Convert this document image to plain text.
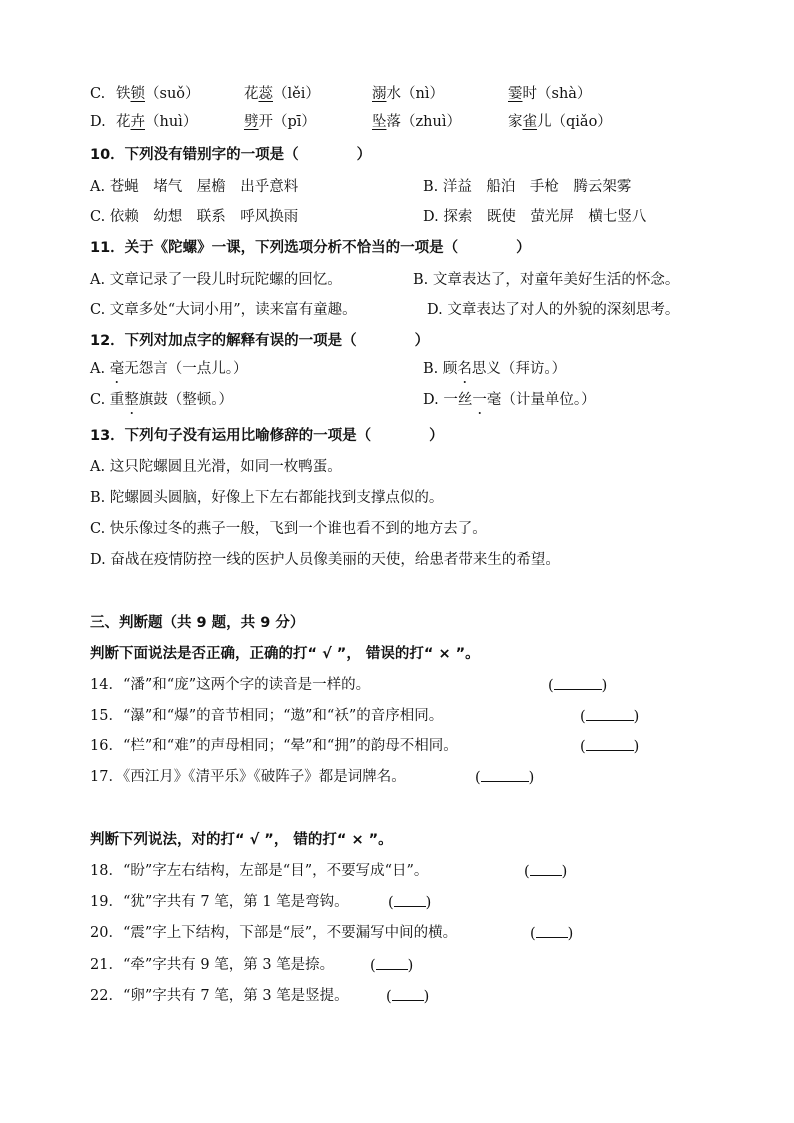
C. 铁锁（suǒ）	花蕊（lěi）	溺水（nì）	霎时（shà）
D. 花卉（huì）	劈开（pī）	坠落（zhuì）	家雀儿（qiǎo）
10．下列没有错别字的一项是（　　　　）
A. 苍蝇　堵气　屋檐　出乎意料	B. 洋益　船泊　手枪　腾云架雾
C. 依赖　幼想　联系　呼风换雨	D. 探索　既使　萤光屏　横七竖八
11．关于《陀螺》一课，下列选项分析不恰当的一项是（　　　　）
A. 文章记录了一段儿时玩陀螺的回忆。	B. 文章表达了，对童年美好生活的怀念。
C. 文章多处“大词小用”，读来富有童趣。	D. 文章表达了对人的外貌的深刻思考。
12．下列对加点字的解释有误的一项是（　　　　）
A. 毫无怨言（一点儿。）	B. 顾名思义（拜访。）
C. 重整旗鼓（整顿。）	D. 一丝一毫（计量单位。）
13．下列句子没有运用比喻修辞的一项是（　　　　）
A. 这只陀螺圆且光滑，如同一枚鸭蛋。
B. 陀螺圆头圆脑，好像上下左右都能找到支撑点似的。
C. 快乐像过冬的燕子一般，飞到一个谁也看不到的地方去了。
D. 奋战在疫情防控一线的医护人员像美丽的天使，给患者带来生的希望。
三、判断题（共 9 题，共 9 分）
判断下面说法是否正确，正确的打“ √ ”， 错误的打“ × ”。
14．“潘”和“庞”这两个字的读音是一样的。	(	)
15．“瀑”和“爆”的音节相同；“遨”和“袄”的音序相同。	(	)
16．“栏”和“难”的声母相同；“晕”和“拥”的韵母不相同。	(	)
17．《西江月》《清平乐》《破阵子》都是词牌名。	(	)
判断下列说法，对的打“ √ ”， 错的打“ × ”。
18．“盼”字左右结构，左部是“目”，不要写成“日”。	( )
19．“犹”字共有 7 笔，第 1 笔是弯钩。	( )
20．“震”字上下结构，下部是“辰”，不要漏写中间的横。	( )
21．“牵”字共有 9 笔，第 3 笔是捺。 ( )
22．“卵”字共有 7 笔，第 3 笔是竖提。	( )
